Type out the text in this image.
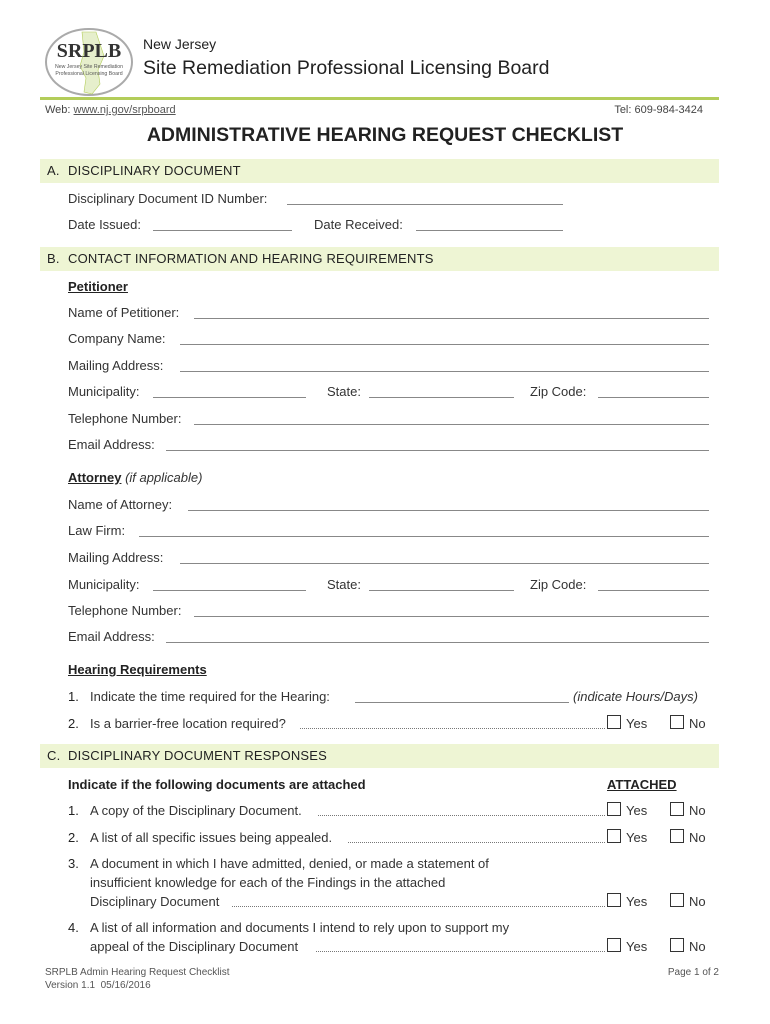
SRPLB
New Jersey Site Remediation
Professional Licensing Board
New Jersey
Site Remediation Professional Licensing Board
Web: www.nj.gov/srpboard	Tel: 609-984-3424
ADMINISTRATIVE HEARING REQUEST CHECKLIST
A. DISCIPLINARY DOCUMENT
Disciplinary Document ID Number:
Date Issued:	Date Received:
B. CONTACT INFORMATION AND HEARING REQUIREMENTS
Petitioner
Name of Petitioner:
Company Name:
Mailing Address:
Municipality:	State:	Zip Code:
Telephone Number:
Email Address:
Attorney (if applicable)
Name of Attorney:
Law Firm:
Mailing Address:
Municipality:	State:	Zip Code:
Telephone Number:
Email Address:
Hearing Requirements
1. Indicate the time required for the Hearing:	(indicate Hours/Days)
2. Is a barrier-free location required?	Yes	No
C. DISCIPLINARY DOCUMENT RESPONSES
Indicate if the following documents are attached	ATTACHED
1. A copy of the Disciplinary Document.	Yes	No
2. A list of all specific issues being appealed.	Yes	No
3. A document in which I have admitted, denied, or made a statement of
insufficient knowledge for each of the Findings in the attached
Disciplinary Document	Yes	No
4. A list of all information and documents I intend to rely upon to support my
appeal of the Disciplinary Document	Yes	No
SRPLB Admin Hearing Request Checklist
Version 1.1  05/16/2016
Page 1 of 2
